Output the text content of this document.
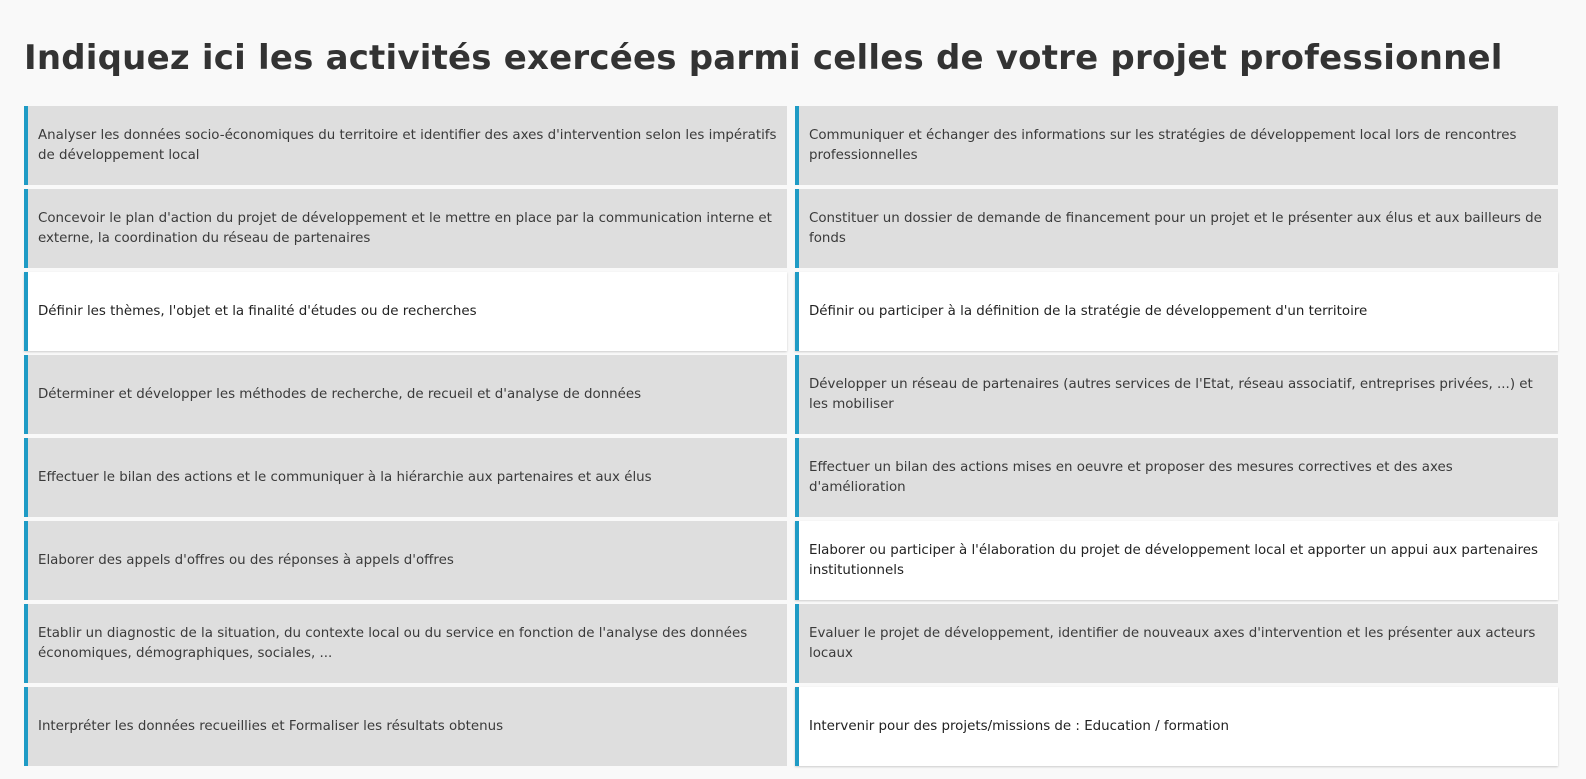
Indiquez ici les activités exercées parmi celles de votre projet professionnel
Analyser les données socio-économiques du territoire et identifier des axes d'intervention selon les impératifs de développement local
Communiquer et échanger des informations sur les stratégies de développement local lors de rencontres professionnelles
Concevoir le plan d'action du projet de développement et le mettre en place par la communication interne et externe, la coordination du réseau de partenaires
Constituer un dossier de demande de financement pour un projet et le présenter aux élus et aux bailleurs de fonds
Définir les thèmes, l'objet et la finalité d'études ou de recherches	Définir ou participer à la définition de la stratégie de développement d'un territoire
Déterminer et développer les méthodes de recherche, de recueil et d'analyse de données
Développer un réseau de partenaires (autres services de l'Etat, réseau associatif, entreprises privées, ...) et les mobiliser
Effectuer le bilan des actions et le communiquer à la hiérarchie aux partenaires et aux élus
Effectuer un bilan des actions mises en oeuvre et proposer des mesures correctives et des axes d'amélioration
Elaborer des appels d'offres ou des réponses à appels d'offres
Elaborer ou participer à l'élaboration du projet de développement local et apporter un appui aux partenaires institutionnels
Etablir un diagnostic de la situation, du contexte local ou du service en fonction de l'analyse des données économiques, démographiques, sociales, ...
Evaluer le projet de développement, identifier de nouveaux axes d'intervention et les présenter aux acteurs locaux
Interpréter les données recueillies et Formaliser les résultats obtenus	Intervenir pour des projets/missions de : Education / formation
